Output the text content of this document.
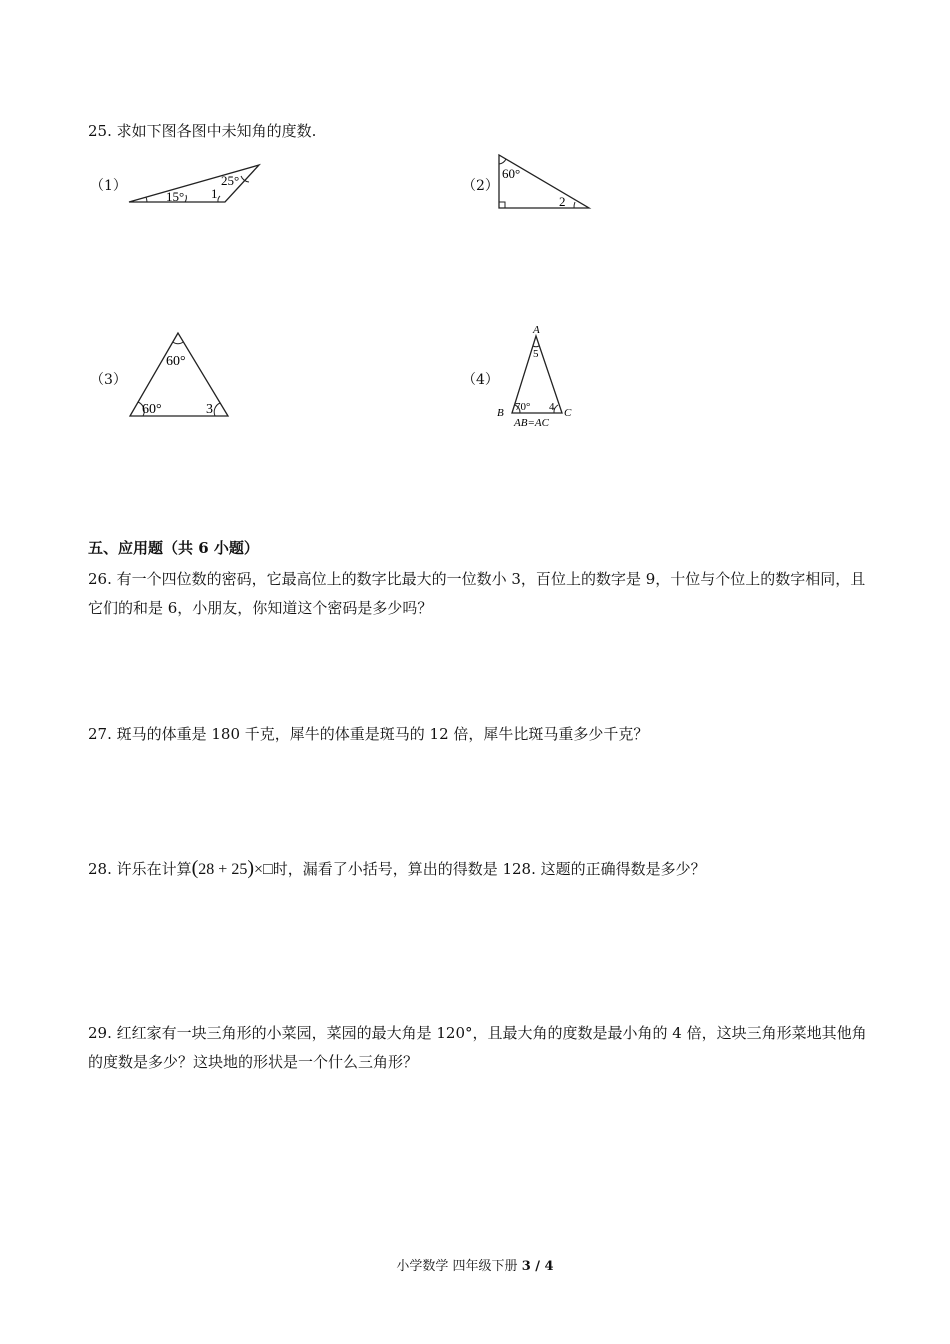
25. 求如下图各图中未知角的度数.
（1）
15°
25°
1	（2）
60°
2
（3）
60°
60°	3
（4）
A
5
B	C
70° 4
AB=AC
五、应用题（共 6 小题）
26. 有一个四位数的密码，它最高位上的数字比最大的一位数小 3，百位上的数字是 9，十位与个位上的数字相同，且它们的和是 6，小朋友，你知道这个密码是多少吗？
27. 斑马的体重是 180 千克，犀牛的体重是斑马的 12 倍，犀牛比斑马重多少千克？
28. 许乐在计算(28 + 25)×□时，漏看了小括号，算出的得数是 128. 这题的正确得数是多少？
29. 红红家有一块三角形的小菜园，菜园的最大角是 120°，且最大角的度数是最小角的 4 倍，这块三角形菜地其他角的度数是多少？这块地的形状是一个什么三角形？
小学数学 四年级下册 3 / 4
